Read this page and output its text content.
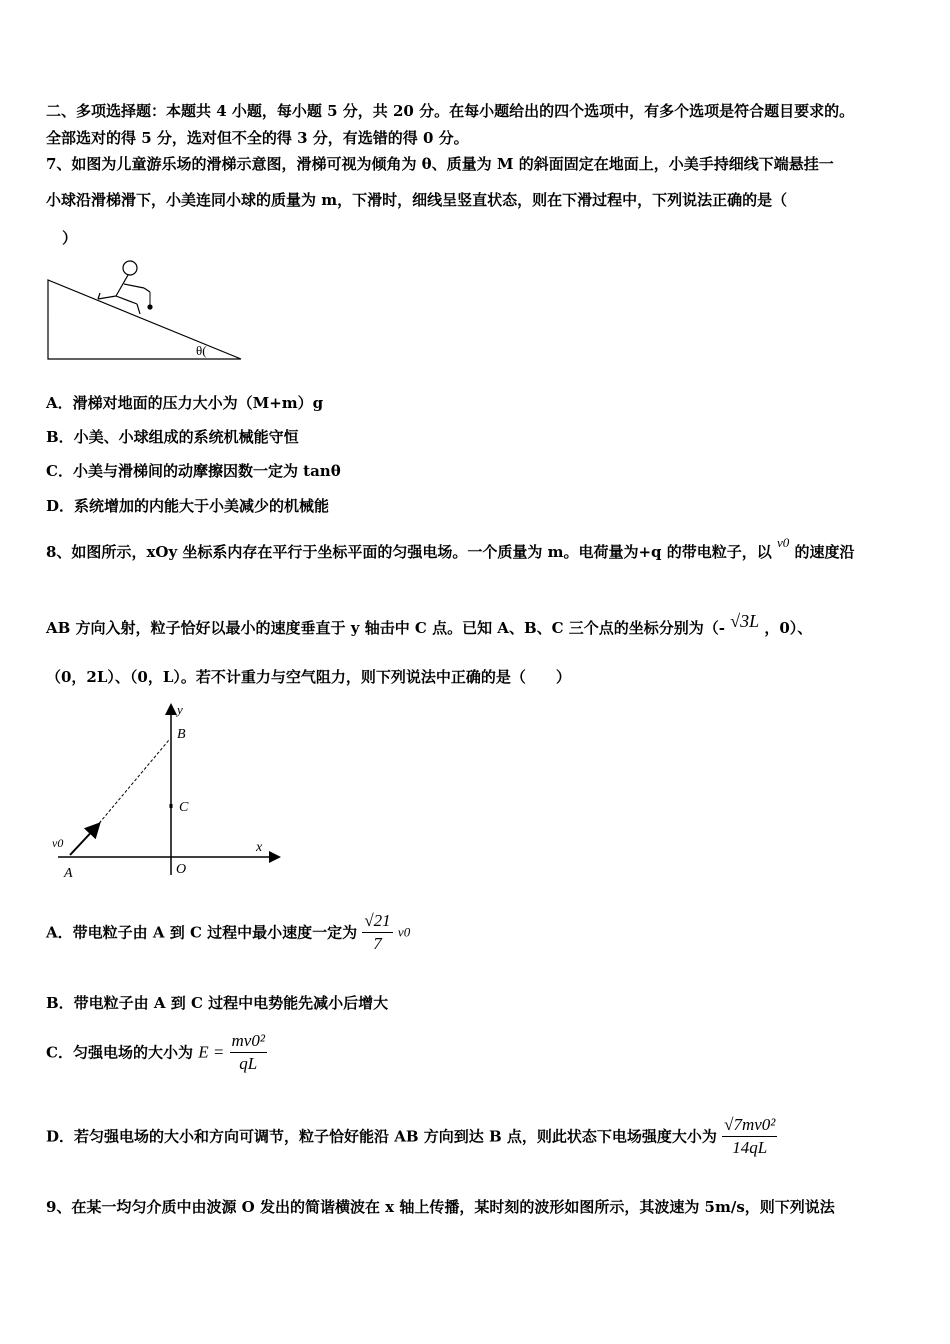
二、多项选择题：本题共 4 小题，每小题 5 分，共 20 分。在每小题给出的四个选项中，有多个选项是符合题目要求的。
全部选对的得 5 分，选对但不全的得 3 分，有选错的得 0 分。
7、如图为儿童游乐场的滑梯示意图，滑梯可视为倾角为 θ、质量为 M 的斜面固定在地面上，小美手持细线下端悬挂一
小球沿滑梯滑下，小美连同小球的质量为 m，下滑时，细线呈竖直状态，则在下滑过程中，下列说法正确的是（
）
θ(
A．滑梯对地面的压力大小为（M+m）g
B．小美、小球组成的系统机械能守恒
C．小美与滑梯间的动摩擦因数一定为 tanθ
D．系统增加的内能大于小美减少的机械能
8、如图所示，xOy 坐标系内存在平行于坐标平面的匀强电场。一个质量为 m。电荷量为+q 的带电粒子，以 v0 的速度沿
AB 方向入射，粒子恰好以最小的速度垂直于 y 轴击中 C 点。已知 A、B、C 三个点的坐标分别为（- √3L ，0）、
（0，2L）、（0，L）。若不计重力与空气阻力，则下列说法中正确的是（　　）
y
x
B
C
O
A
v0
A．带电粒子由 A 到 C 过程中最小速度一定为 $\frac{√21}{7} v0$
B．带电粒子由 A 到 C 过程中电势能先减小后增大
C．匀强电场的大小为 $E = \frac{\text{mv0²}}{qL}$
D．若匀强电场的大小和方向可调节，粒子恰好能沿 AB 方向到达 B 点，则此状态下电场强度大小为 $\frac{\text{√7mv0²}}{14qL}$
9、在某一均匀介质中由波源 O 发出的简谐横波在 x 轴上传播，某时刻的波形如图所示，其波速为 5m/s，则下列说法
